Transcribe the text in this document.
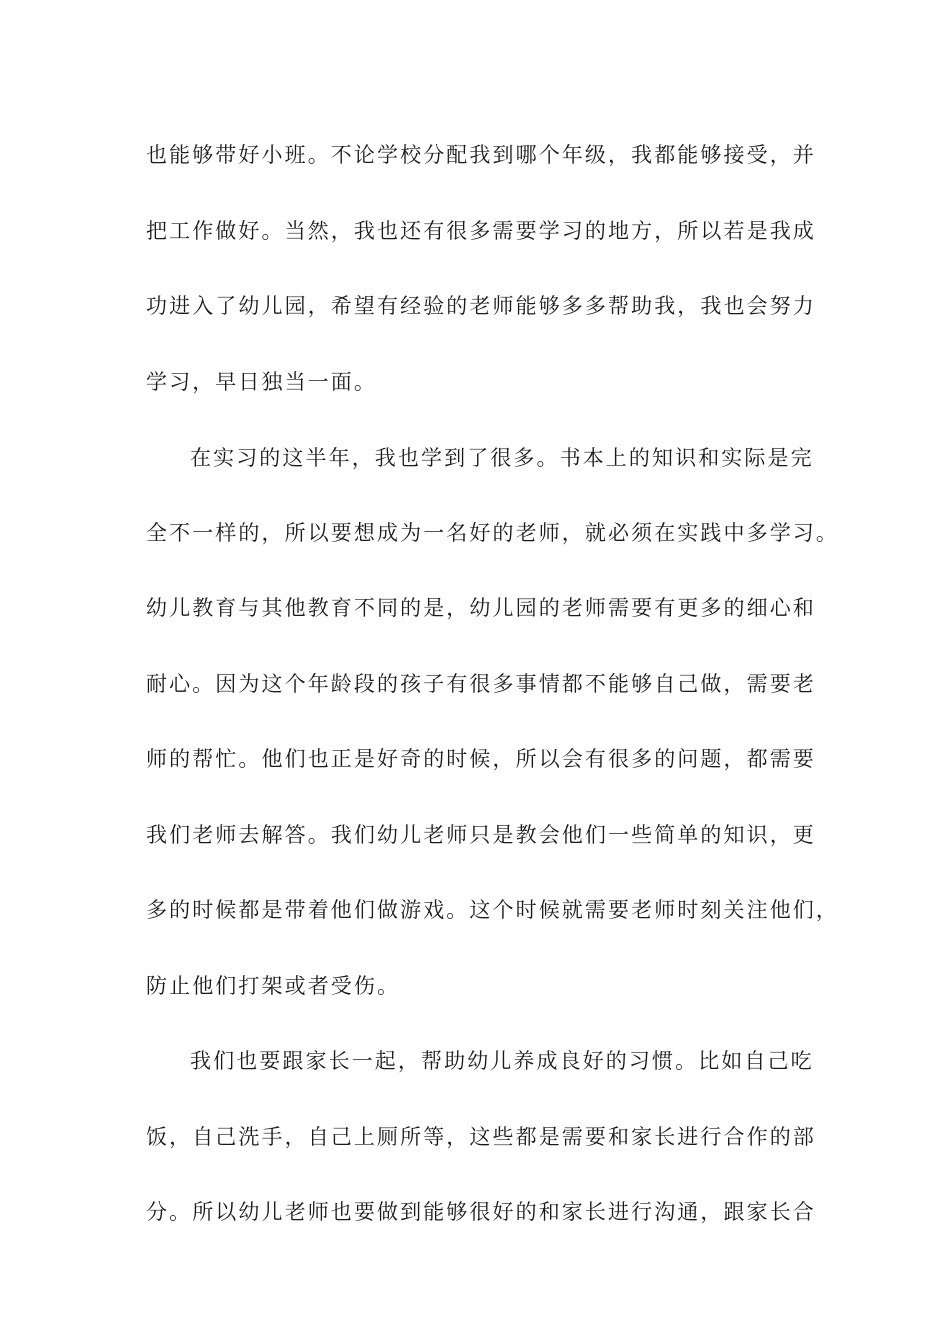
也能够带好小班。不论学校分配我到哪个年级，我都能够接受，并
把工作做好。当然，我也还有很多需要学习的地方，所以若是我成
功进入了幼儿园，希望有经验的老师能够多多帮助我，我也会努力
学习，早日独当一面。
在实习的这半年，我也学到了很多。书本上的知识和实际是完
全不一样的，所以要想成为一名好的老师，就必须在实践中多学习。
幼儿教育与其他教育不同的是，幼儿园的老师需要有更多的细心和
耐心。因为这个年龄段的孩子有很多事情都不能够自己做，需要老
师的帮忙。他们也正是好奇的时候，所以会有很多的问题，都需要
我们老师去解答。我们幼儿老师只是教会他们一些简单的知识，更
多的时候都是带着他们做游戏。这个时候就需要老师时刻关注他们，
防止他们打架或者受伤。
我们也要跟家长一起，帮助幼儿养成良好的习惯。比如自己吃
饭，自己洗手，自己上厕所等，这些都是需要和家长进行合作的部
分。所以幼儿老师也要做到能够很好的和家长进行沟通，跟家长合
